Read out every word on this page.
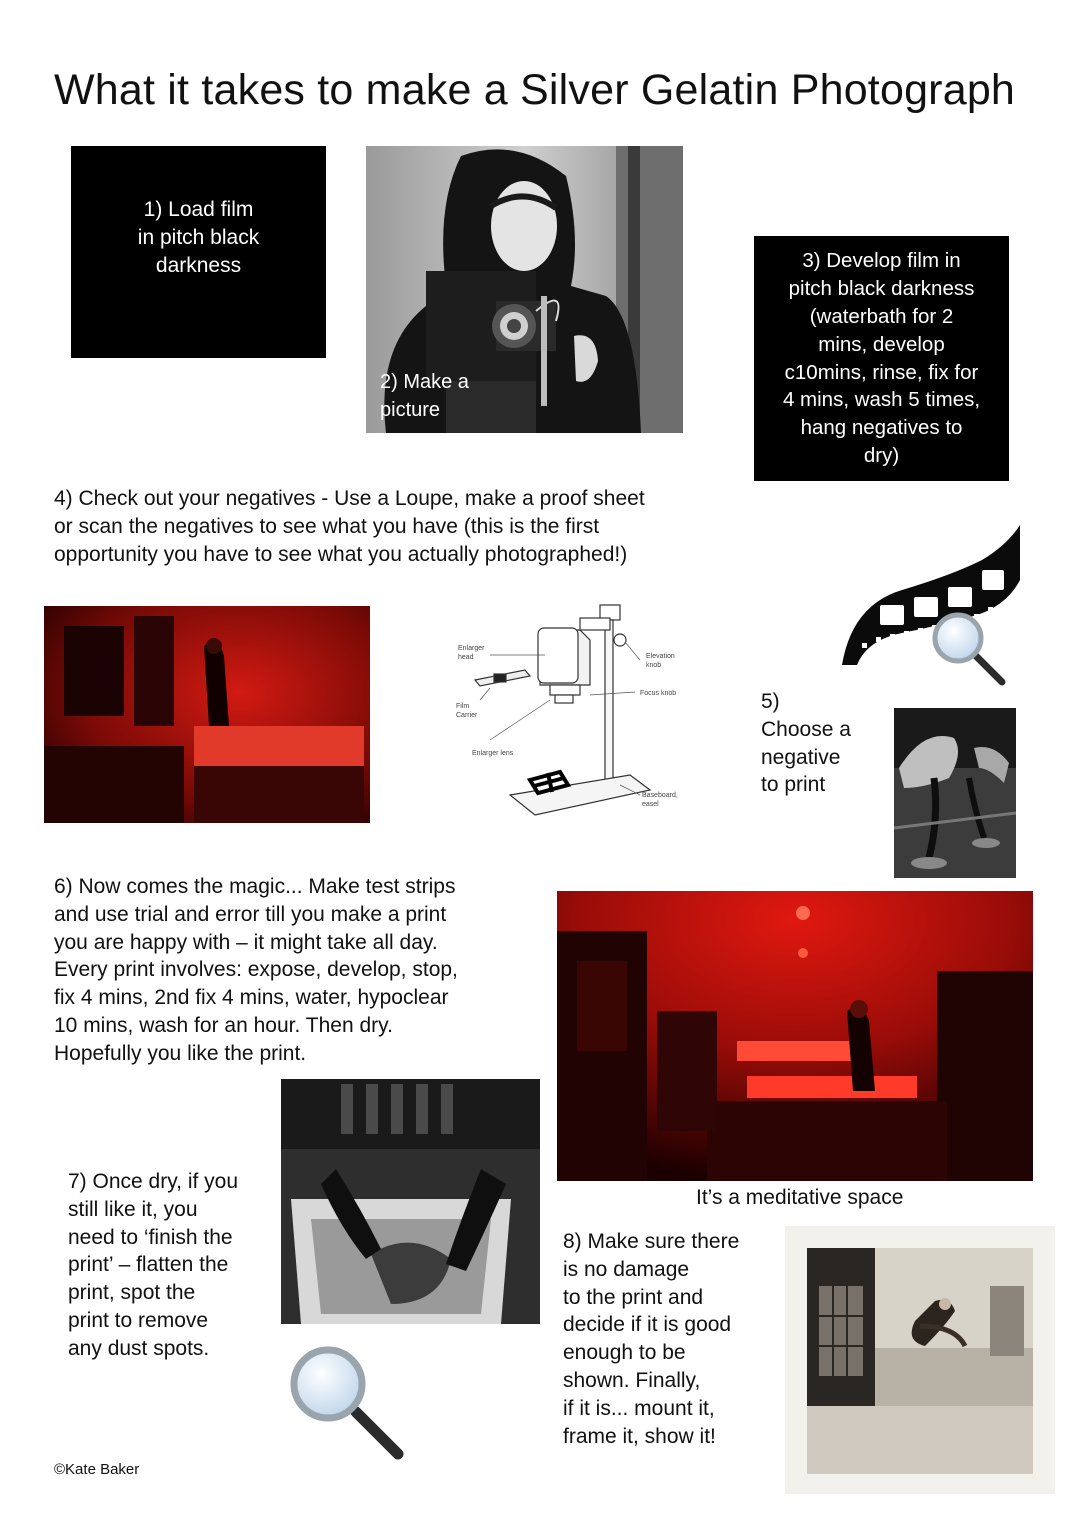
What it takes to make a Silver Gelatin Photograph
1) Load film
in pitch black
darkness
2) Make a
picture
3) Develop film in
pitch black darkness
(waterbath for 2
mins, develop
c10mins, rinse, fix for
4 mins, wash 5 times,
hang negatives to
dry)
4) Check out your negatives - Use a Loupe, make a proof sheet
or scan the negatives to see what you have (this is the first
opportunity you have to see what you actually photographed!)
Enlarger
head
Film
Carrier
Enlarger lens
Elevation
knob
Focus knob
Baseboard,
easel
5)
Choose a
negative
to print
6) Now comes the magic... Make test strips
and use trial and error till you make a print
you are happy with – it might take all day.
Every print involves: expose, develop, stop,
fix 4 mins, 2nd fix 4 mins, water, hypoclear
10 mins, wash for an hour. Then dry.
Hopefully you like the print.
It’s a meditative space
7) Once dry, if you
still like it, you
need to ‘finish the
print’ – flatten the
print, spot the
print to remove
any dust spots.
8) Make sure there
is no damage
to the print and
decide if it is good
enough to be
shown. Finally,
if it is... mount it,
frame it, show it!
©Kate Baker
